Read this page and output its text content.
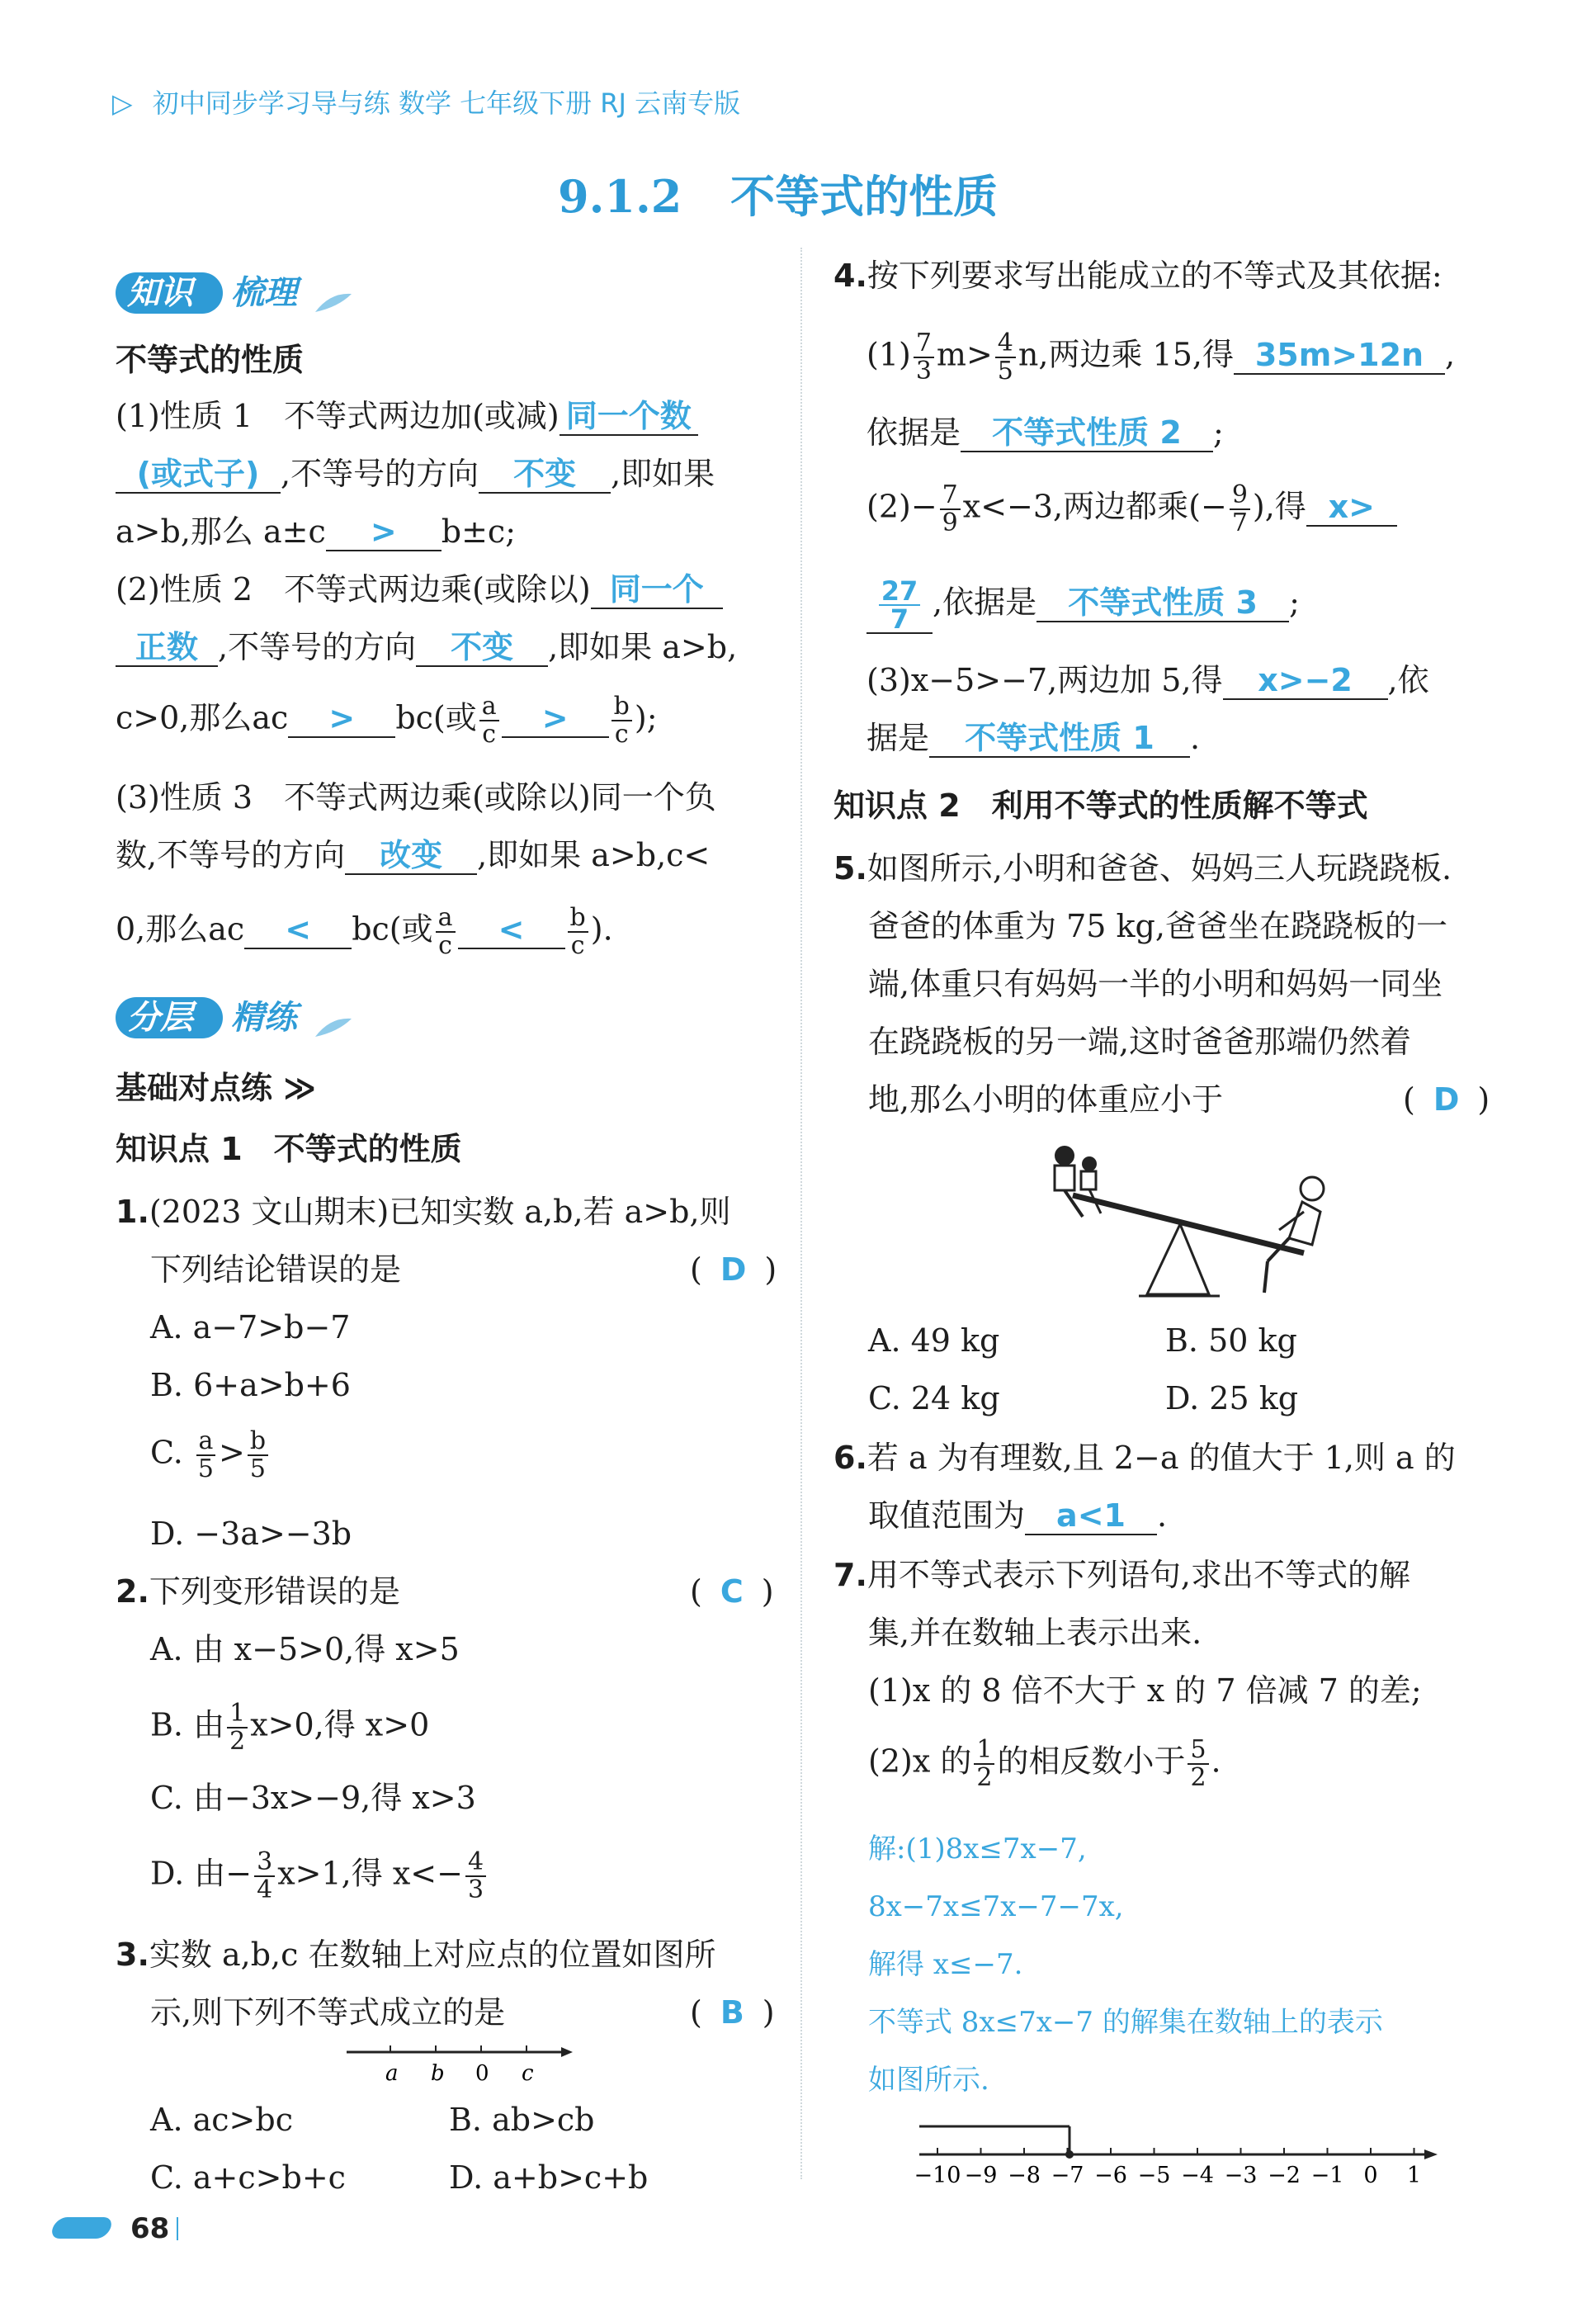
▷ 初中同步学习导与练 数学 七年级下册 RJ 云南专版
9.1.2 不等式的性质
知识 梳理
不等式的性质
(1)性质 1　不等式两边加(或减) 同一个数
(或式子) ,不等号的方向 不变 ,即如果
a>b,那么 a±c > b±c;
(2)性质 2　不等式两边乘(或除以) 同一个
正数 ,不等号的方向 不变 ,即如果 a>b,
c>0,那么ac > bc(或 $\frac{a}{c} > \frac{b}{c}$ );
(3)性质 3　不等式两边乘(或除以)同一个负
数,不等号的方向 改变 ,即如果 a>b,c<
0,那么ac < bc(或 $\frac{a}{c} < \frac{b}{c}$ ).
分层 精练
基础对点练 ≫
知识点 1　不等式的性质
1.(2023 文山期末)已知实数 a,b,若 a>b,则
下列结论错误的是	( D )
A. a−7>b−7
B. 6+a>b+6
C. $\frac{a}{5} > \frac{b}{5}$
D. −3a>−3b
2.下列变形错误的是	( C )
A. 由 x−5>0,得 x>5
B. 由 $\frac{1}{2} x>0$,得 x>0
C. 由−3x>−9,得 x>3
D. 由− $\frac{3}{4} x>1$,得 $x<- \frac{4}{3}$
3.实数 a,b,c 在数轴上对应点的位置如图所
示,则下列不等式成立的是	( B )
a b 0 c
A. ac>bc	B. ab>cb
C. a+c>b+c	D. a+b>c+b
4.按下列要求写出能成立的不等式及其依据:
$(1) \frac{7}{3} m> \frac{4}{5} n$,两边乘 15,得 35m>12n ,
依据是 不等式性质 2 ;
$(2)- \frac{7}{9} x<-3$,两边都乘(− $\frac{9}{7}$ ),得 x>
$\frac{27}{7}$ ,依据是 不等式性质 3 ;
(3)x−5>−7,两边加 5,得 x>−2 ,依
据是 不等式性质 1 .
知识点 2　利用不等式的性质解不等式
5.如图所示,小明和爸爸、妈妈三人玩跷跷板.
爸爸的体重为 75 kg,爸爸坐在跷跷板的一
端,体重只有妈妈一半的小明和妈妈一同坐
在跷跷板的另一端,这时爸爸那端仍然着
地,那么小明的体重应小于	( D )
A. 49 kg	B. 50 kg
C. 24 kg	D. 25 kg
6.若 a 为有理数,且 2−a 的值大于 1,则 a 的
取值范围为 a<1 .
7.用不等式表示下列语句,求出不等式的解
集,并在数轴上表示出来.
(1)x 的 8 倍不大于 x 的 7 倍减 7 的差;
(2)x 的 $\frac{1}{2}$ 的相反数小于 $\frac{5}{2}$ .
解:(1)8x≤7x−7,
8x−7x≤7x−7−7x,
解得 x≤−7.
不等式 8x≤7x−7 的解集在数轴上的表示
如图所示.
−10 −9 −8 −7 −6 −5 −4 −3 −2 −1 0 1
68
